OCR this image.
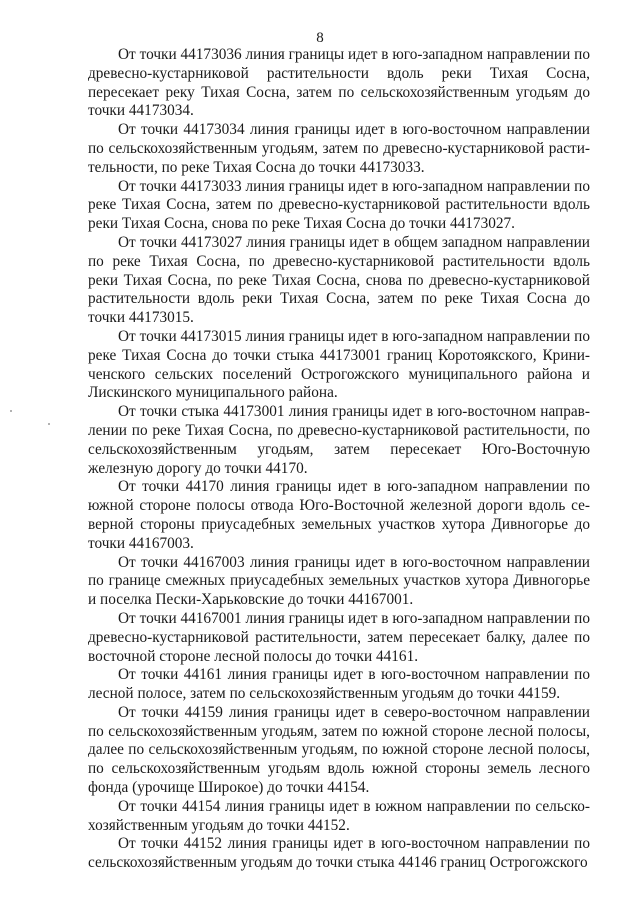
8

От точки 44173036 линия границы идет в юго-западном направлении по древесно-кустарниковой растительности вдоль реки Тихая Сосна, пересекает реку Тихая Сосна, затем по сельскохозяйственным угодьям до точки 44173034.

От точки 44173034 линия границы идет в юго-восточном направлении по сельскохозяйственным угодьям, затем по древесно-кустарниковой растительности, по реке Тихая Сосна до точки 44173033.

От точки 44173033 линия границы идет в юго-западном направлении по реке Тихая Сосна, затем по древесно-кустарниковой растительности вдоль реки Тихая Сосна, снова по реке Тихая Сосна до точки 44173027.

От точки 44173027 линия границы идет в общем западном направлении по реке Тихая Сосна, по древесно-кустарниковой растительности вдоль реки Тихая Сосна, по реке Тихая Сосна, снова по древесно-кустарниковой растительности вдоль реки Тихая Сосна, затем по реке Тихая Сосна до точки 44173015.

От точки 44173015 линия границы идет в юго-западном направлении по реке Тихая Сосна до точки стыка 44173001 границ Коротоякского, Криниченского сельских поселений Острогожского муниципального района и Лискинского муниципального района.

От точки стыка 44173001 линия границы идет в юго-восточном направлении по реке Тихая Сосна, по древесно-кустарниковой растительности, по сельскохозяйственным угодьям, затем пересекает Юго-Восточную железную дорогу до точки 44170.

От точки 44170 линия границы идет в юго-западном направлении по южной стороне полосы отвода Юго-Восточной железной дороги вдоль северной стороны приусадебных земельных участков хутора Дивногорье до точки 44167003.

От точки 44167003 линия границы идет в юго-восточном направлении по границе смежных приусадебных земельных участков хутора Дивногорье и поселка Пески-Харьковские до точки 44167001.

От точки 44167001 линия границы идет в юго-западном направлении по древесно-кустарниковой растительности, затем пересекает балку, далее по восточной стороне лесной полосы до точки 44161.

От точки 44161 линия границы идет в юго-восточном направлении по лесной полосе, затем по сельскохозяйственным угодьям до точки 44159.

От точки 44159 линия границы идет в северо-восточном направлении по сельскохозяйственным угодьям, затем по южной стороне лесной полосы, далее по сельскохозяйственным угодьям, по южной стороне лесной полосы, по сельскохозяйственным угодьям вдоль южной стороны земель лесного фонда (урочище Широкое) до точки 44154.

От точки 44154 линия границы идет в южном направлении по сельскохозяйственным угодьям до точки 44152.

От точки 44152 линия границы идет в юго-восточном направлении по сельскохозяйственным угодьям до точки стыка 44146 границ Острогожского
